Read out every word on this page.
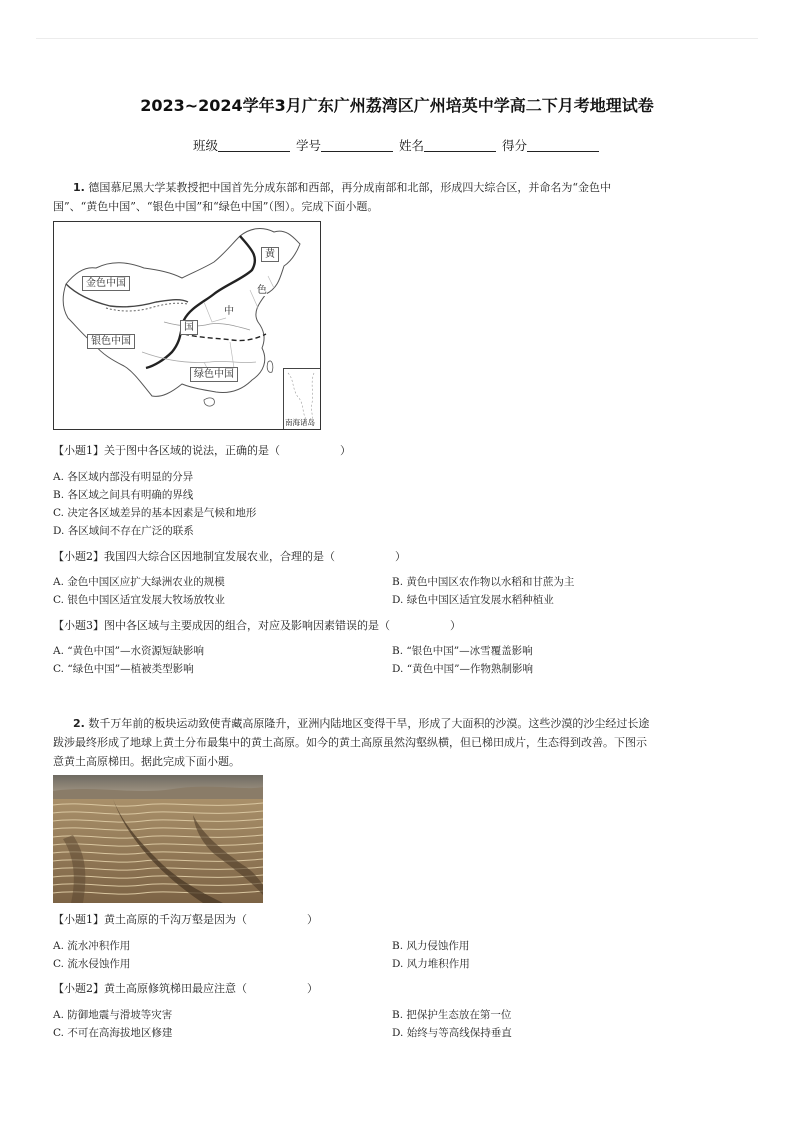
2023~2024学年3月广东广州荔湾区广州培英中学高二下月考地理试卷
班级	学号	姓名	得分
1. 德国慕尼黑大学某教授把中国首先分成东部和西部，再分成南部和北部，形成四大综合区，并命名为“金色中
国”、“黄色中国”、“银色中国”和“绿色中国”（图）。完成下面小题。
黄
色
中
国
金色中国
银色中国
绿色中国
南海诸岛
【小题1】关于图中各区域的说法，正确的是（	）
A. 各区域内部没有明显的分异
B. 各区域之间具有明确的界线
C. 决定各区域差异的基本因素是气候和地形
D. 各区域间不存在广泛的联系
【小题2】我国四大综合区因地制宜发展农业，合理的是（	）
A. 金色中国区应扩大绿洲农业的规模	B. 黄色中国区农作物以水稻和甘蔗为主
C. 银色中国区适宜发展大牧场放牧业	D. 绿色中国区适宜发展水稻种植业
【小题3】图中各区域与主要成因的组合，对应及影响因素错误的是（	）
A. “黄色中国”—水资源短缺影响	B. “银色中国”—冰雪覆盖影响
C. “绿色中国”—植被类型影响	D. “黄色中国”—作物熟制影响
2. 数千万年前的板块运动致使青藏高原隆升，亚洲内陆地区变得干旱，形成了大面积的沙漠。这些沙漠的沙尘经过长途
跋涉最终形成了地球上黄土分布最集中的黄土高原。如今的黄土高原虽然沟壑纵横，但已梯田成片，生态得到改善。下图示
意黄土高原梯田。据此完成下面小题。
【小题1】黄土高原的千沟万壑是因为（	）
A. 流水冲积作用	B. 风力侵蚀作用
C. 流水侵蚀作用	D. 风力堆积作用
【小题2】黄土高原修筑梯田最应注意（	）
A. 防御地震与滑坡等灾害	B. 把保护生态放在第一位
C. 不可在高海拔地区修建	D. 始终与等高线保持垂直
